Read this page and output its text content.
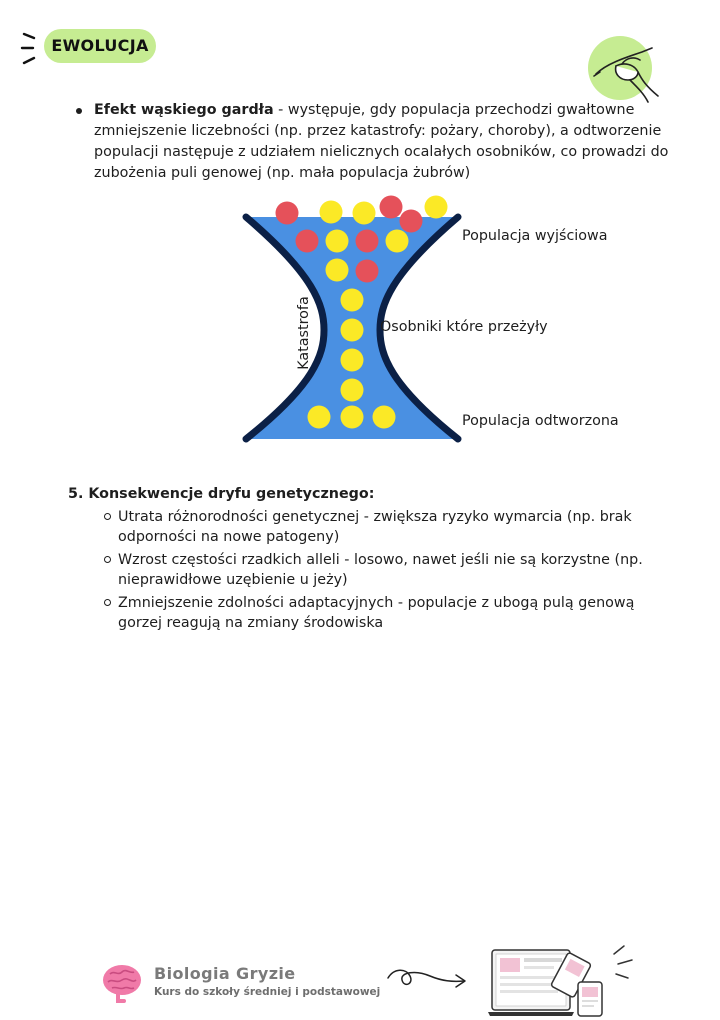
EWOLUCJA
Efekt wąskiego gardła - występuje, gdy populacja przechodzi gwałtowne zmniejszenie liczebności (np. przez katastrofy: pożary, choroby), a odtworzenie populacji następuje z udziałem nielicznych ocalałych osobników, co prowadzi do zubożenia puli genowej (np. mała populacja żubrów)
Populacja wyjściowa
Osobniki które przeżyły
Populacja odtworzona
Katastrofa
5. Konsekwencje dryfu genetycznego:
Utrata różnorodności genetycznej - zwiększa ryzyko wymarcia (np. brak odporności na nowe patogeny)
Wzrost częstości rzadkich alleli - losowo, nawet jeśli nie są korzystne (np. nieprawidłowe uzębienie u jeży)
Zmniejszenie zdolności adaptacyjnych - populacje z ubogą pulą genową gorzej reagują na zmiany środowiska
Biologia Gryzie
Kurs do szkoły średniej i podstawowej
